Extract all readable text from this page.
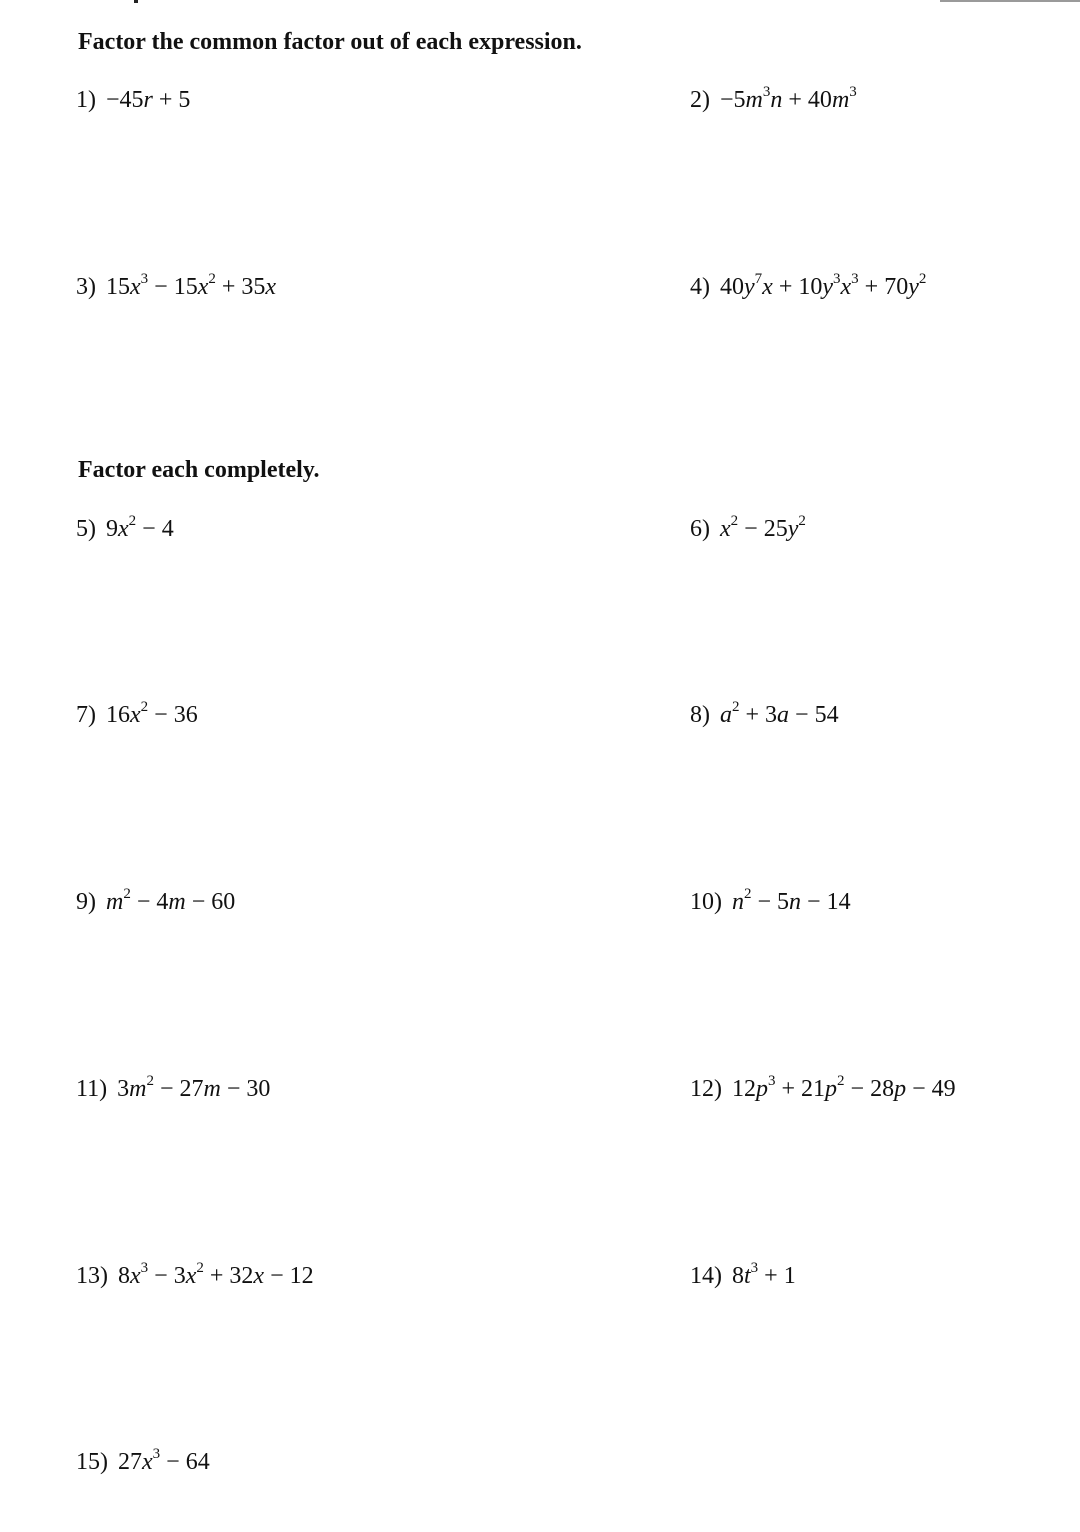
Factor the common factor out of each expression.
1) −45r + 5	$2) -5m^3n + 40m^3$
3) $15x^3 - 15x^2 + 35x$	4) $40y^7x + 10y^3x^3 + 70y^2$
Factor each completely.
5) $9x^2 - 4$	6) $x^2 - 25y^2$
7) $16x^2 - 36$	8) $a^2 + 3a - 54$
9) $m^2 - 4m - 60$	10) $n^2 - 5n - 14$
11) $3m^2 - 27m - 30$	12) $12p^3 + 21p^2 - 28p - 49$
13) $8x^3 - 3x^2 + 32x - 12$	14) $8t^3 + 1$
15) $27x^3 - 64$
